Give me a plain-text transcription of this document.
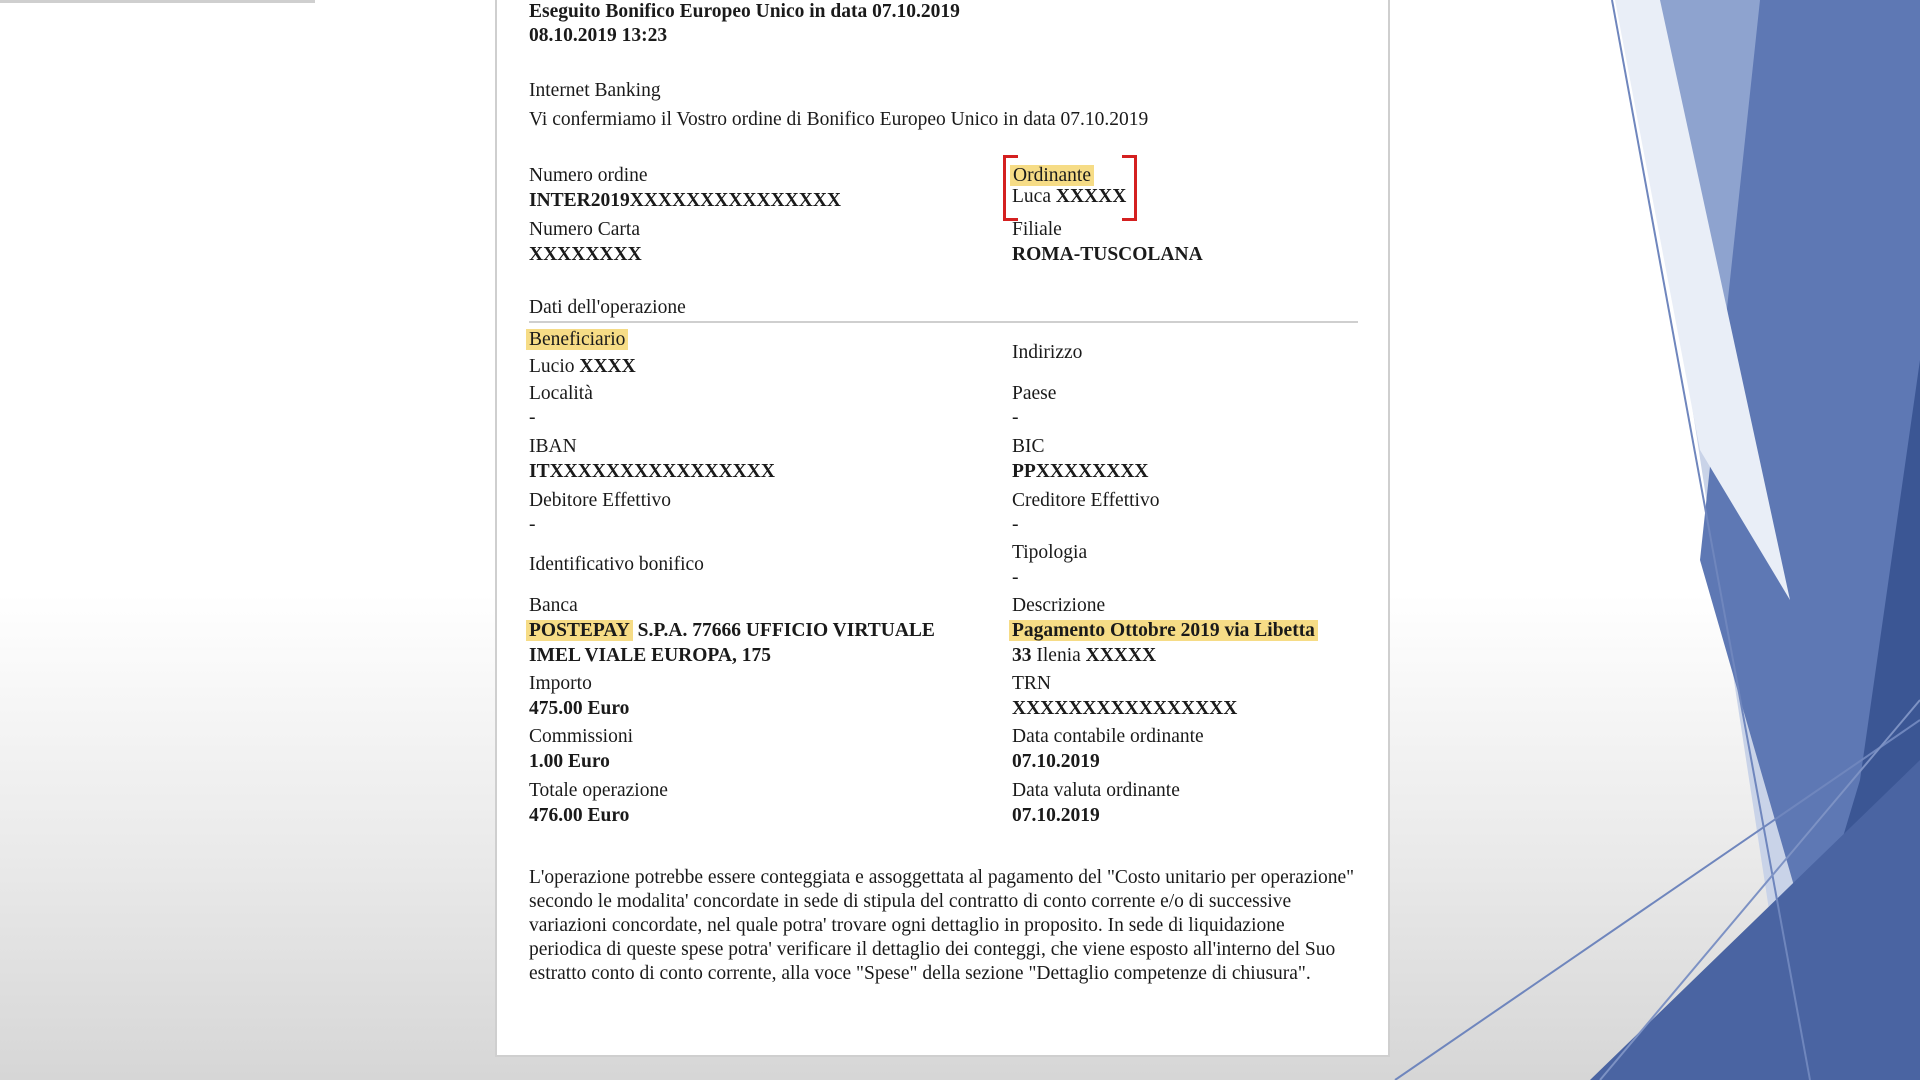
Eseguito Bonifico Europeo Unico in data 07.10.2019
08.10.2019 13:23
Internet Banking
Vi confermiamo il Vostro ordine di Bonifico Europeo Unico in data 07.10.2019
Numero ordine
INTER2019XXXXXXXXXXXXXXX
Numero Carta
XXXXXXXX
Ordinante
Luca XXXXX
Filiale
ROMA-TUSCOLANA
Dati dell'operazione
Beneficiario
Lucio XXXX
Indirizzo
Località
-
Paese
-
IBAN
ITXXXXXXXXXXXXXXXX
BIC
PPXXXXXXXX
Debitore Effettivo
-
Creditore Effettivo
-
Identificativo bonifico
Tipologia
-
Banca
POSTEPAY S.P.A. 77666 UFFICIO VIRTUALE
IMEL VIALE EUROPA, 175
Descrizione
Pagamento Ottobre 2019 via Libetta
33 Ilenia XXXXX
Importo
475.00 Euro
TRN
XXXXXXXXXXXXXXXX
Commissioni
1.00 Euro
Data contabile ordinante
07.10.2019
Totale operazione
476.00 Euro
Data valuta ordinante
07.10.2019
L'operazione potrebbe essere conteggiata e assoggettata al pagamento del "Costo unitario per operazione" secondo le modalita' concordate in sede di stipula del contratto di conto corrente e/o di successive variazioni concordate, nel quale potra' trovare ogni dettaglio in proposito. In sede di liquidazione periodica di queste spese potra' verificare il dettaglio dei conteggi, che viene esposto all'interno del Suo estratto conto di conto corrente, alla voce "Spese" della sezione "Dettaglio competenze di chiusura".
